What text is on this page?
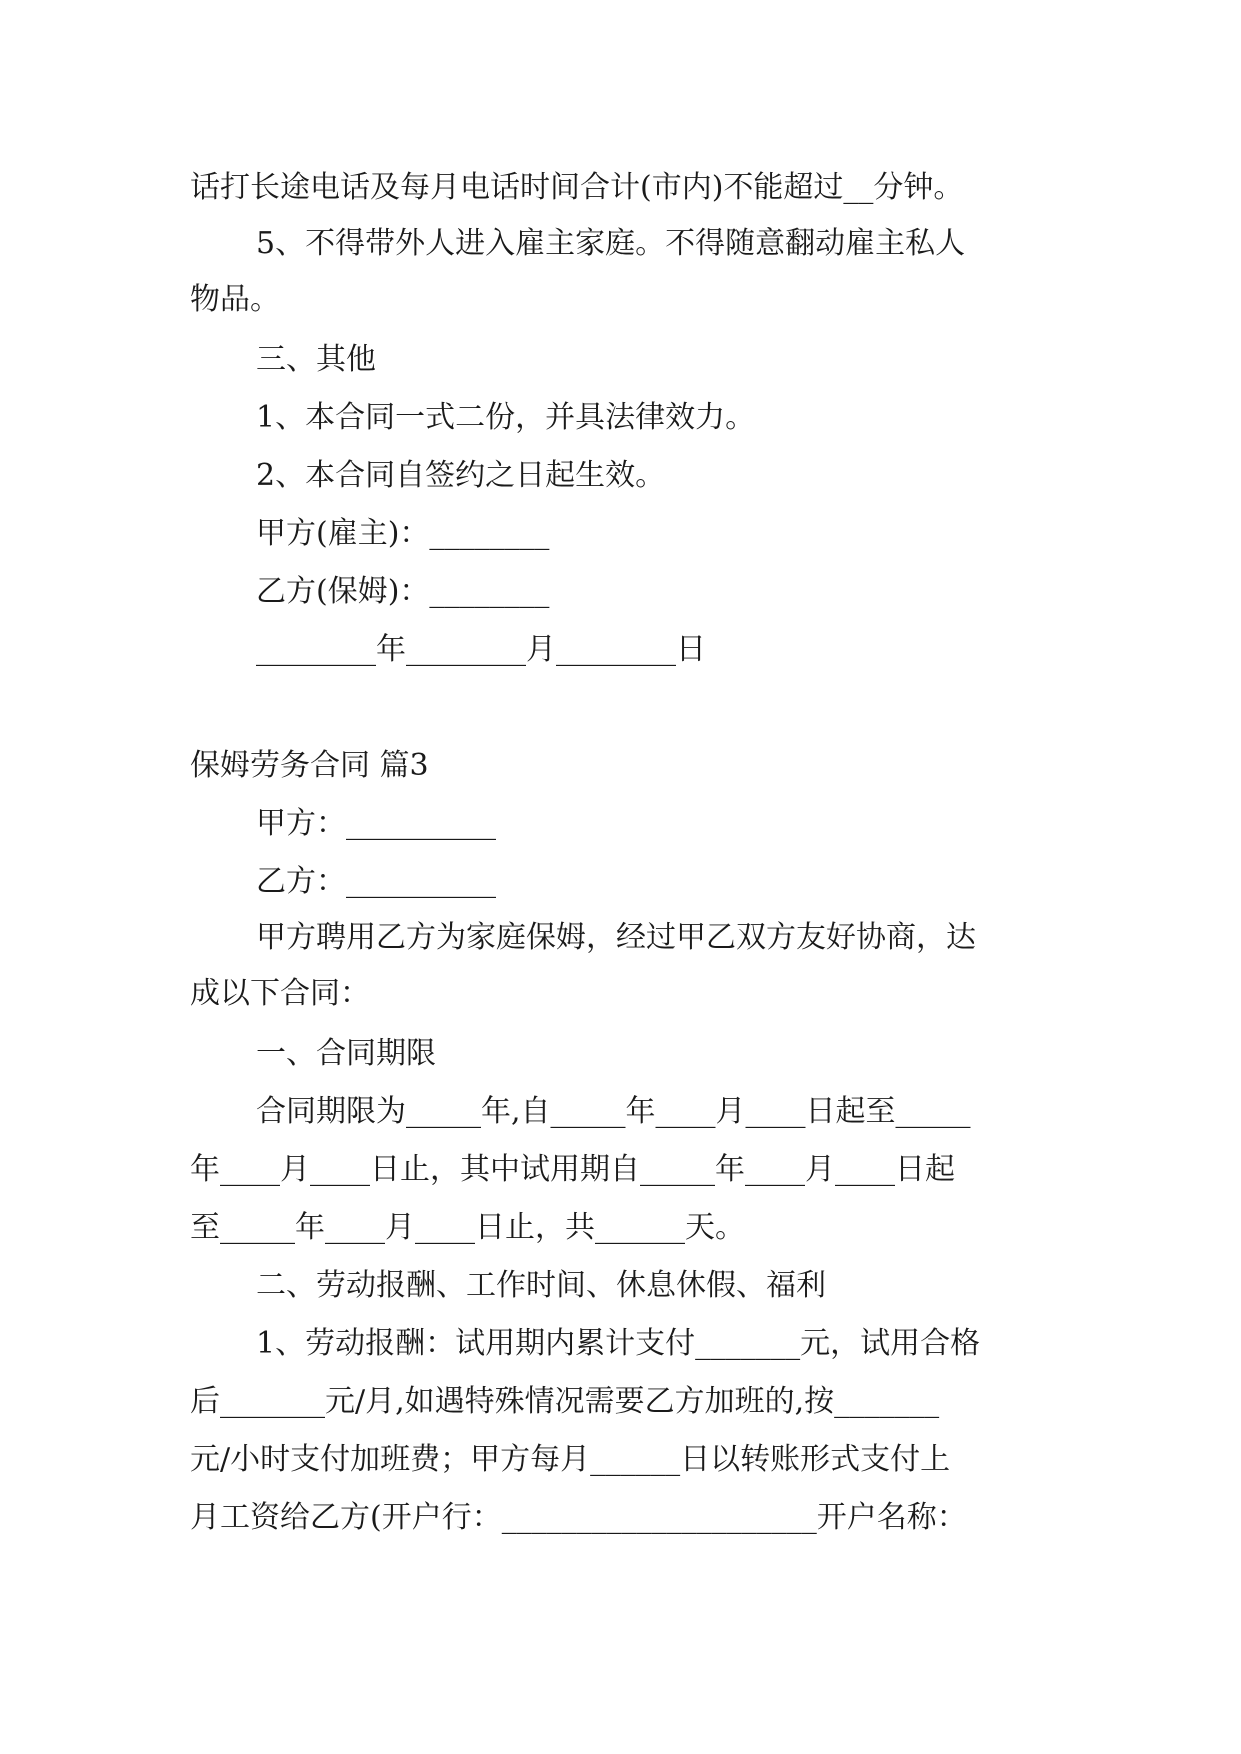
话打长途电话及每月电话时间合计(市内)不能超过__分钟。
5、不得带外人进入雇主家庭。不得随意翻动雇主私人
物品。
三、其他
1、本合同一式二份，并具法律效力。
2、本合同自签约之日起生效。
甲方(雇主)：________
乙方(保姆)：________
________年________月________日
保姆劳务合同 篇3
甲方：__________
乙方：__________
甲方聘用乙方为家庭保姆，经过甲乙双方友好协商，达
成以下合同：
一、合同期限
合同期限为_____年,自_____年____月____日起至_____
年____月____日止，其中试用期自_____年____月____日起
至_____年____月____日止，共______天。
二、劳动报酬、工作时间、休息休假、福利
1、劳动报酬：试用期内累计支付_______元，试用合格
后_______元/月,如遇特殊情况需要乙方加班的,按_______
元/小时支付加班费；甲方每月______日以转账形式支付上
月工资给乙方(开户行：_____________________开户名称：
